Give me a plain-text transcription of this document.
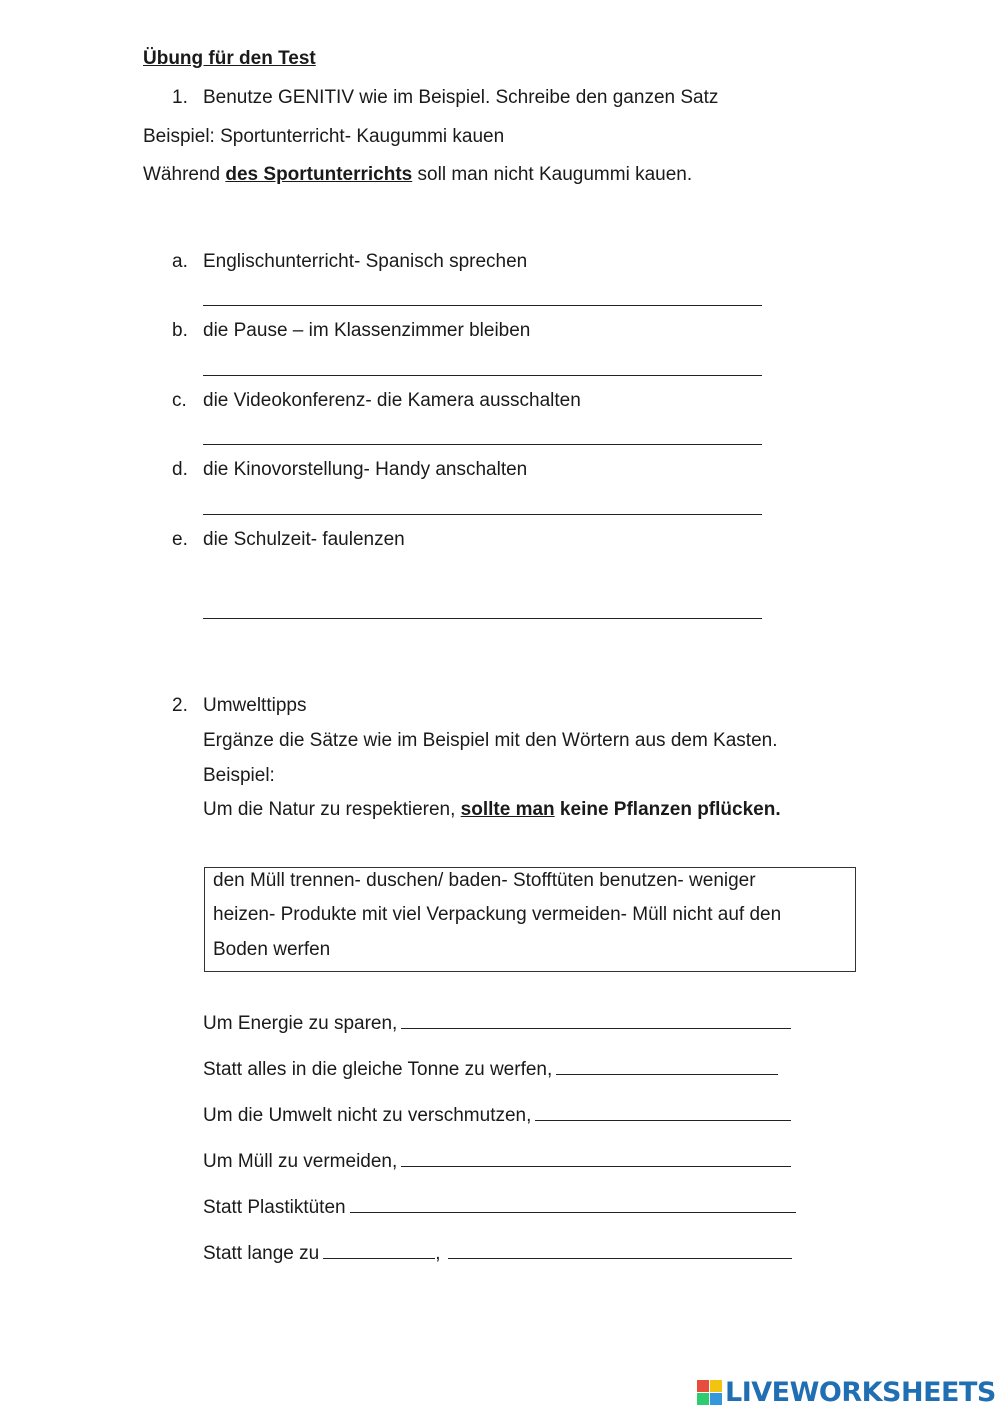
Übung für den Test
1. Benutze GENITIV wie im Beispiel. Schreibe den ganzen Satz
Beispiel: Sportunterricht- Kaugummi kauen
Während des Sportunterrichts soll man nicht Kaugummi kauen.
a. Englischunterricht- Spanisch sprechen
b. die Pause – im Klassenzimmer bleiben
c. die Videokonferenz- die Kamera ausschalten
d. die Kinovorstellung- Handy anschalten
e. die Schulzeit- faulenzen
2. Umwelttipps
Ergänze die Sätze wie im Beispiel mit den Wörtern aus dem Kasten.
Beispiel:
Um die Natur zu respektieren, sollte man keine Pflanzen pflücken.
den Müll trennen- duschen/ baden- Stofftüten benutzen- weniger
heizen- Produkte mit viel Verpackung vermeiden- Müll nicht auf den
Boden werfen
Um Energie zu sparen,
Statt alles in die gleiche Tonne zu werfen,
Um die Umwelt nicht zu verschmutzen,
Um Müll zu vermeiden,
Statt Plastiktüten
Statt lange zu	,
LIVEWORKSHEETS
